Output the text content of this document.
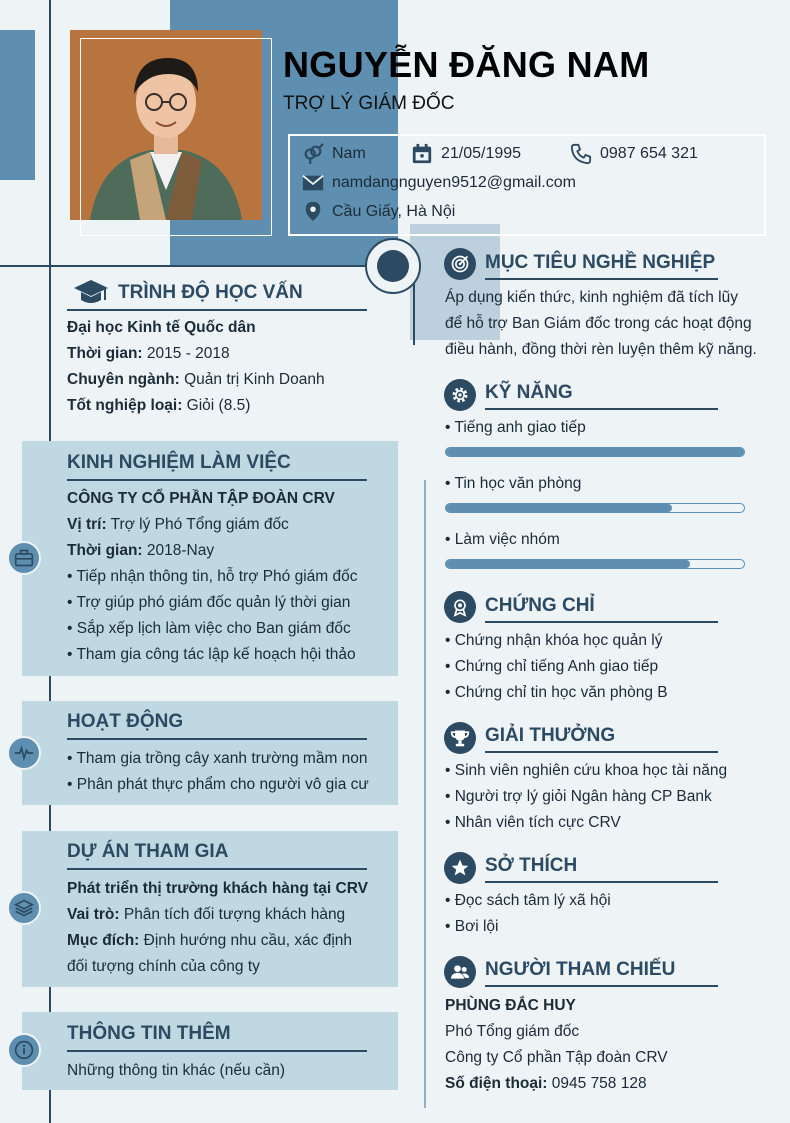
NGUYỄN ĐĂNG NAM
TRỢ LÝ GIÁM ĐỐC
Nam	21/05/1995	0987 654 321
namdangnguyen9512@gmail.com
Cầu Giấy, Hà Nội
TRÌNH ĐỘ HỌC VẤN
Đại học Kinh tế Quốc dân
Thời gian: 2015 - 2018
Chuyên ngành: Quản trị Kinh Doanh
Tốt nghiệp loại: Giỏi (8.5)
KINH NGHIỆM LÀM VIỆC
CÔNG TY CỔ PHẦN TẬP ĐOÀN CRV
Vị trí: Trợ lý Phó Tổng giám đốc
Thời gian: 2018-Nay
• Tiếp nhận thông tin, hỗ trợ Phó giám đốc
• Trợ giúp phó giám đốc quản lý thời gian
• Sắp xếp lịch làm việc cho Ban giám đốc
• Tham gia công tác lập kế hoạch hội thảo
HOẠT ĐỘNG
• Tham gia trồng cây xanh trường mầm non
• Phân phát thực phẩm cho người vô gia cư
DỰ ÁN THAM GIA
Phát triển thị trường khách hàng tại CRV
Vai trò: Phân tích đối tượng khách hàng
Mục đích: Định hướng nhu cầu, xác định
đối tượng chính của công ty
THÔNG TIN THÊM
Những thông tin khác (nếu cần)
MỤC TIÊU NGHỀ NGHIỆP
Áp dụng kiến thức, kinh nghiệm đã tích lũy
để hỗ trợ Ban Giám đốc trong các hoạt động
điều hành, đồng thời rèn luyện thêm kỹ năng.
KỸ NĂNG
• Tiếng anh giao tiếp
• Tin học văn phòng
• Làm việc nhóm
CHỨNG CHỈ
• Chứng nhận khóa học quản lý
• Chứng chỉ tiếng Anh giao tiếp
• Chứng chỉ tin học văn phòng B
GIẢI THƯỞNG
• Sinh viên nghiên cứu khoa học tài năng
• Người trợ lý giỏi Ngân hàng CP Bank
• Nhân viên tích cực CRV
SỞ THÍCH
• Đọc sách tâm lý xã hội
• Bơi lội
NGƯỜI THAM CHIẾU
PHÙNG ĐẮC HUY
Phó Tổng giám đốc
Công ty Cổ phần Tập đoàn CRV
Số điện thoại: 0945 758 128
